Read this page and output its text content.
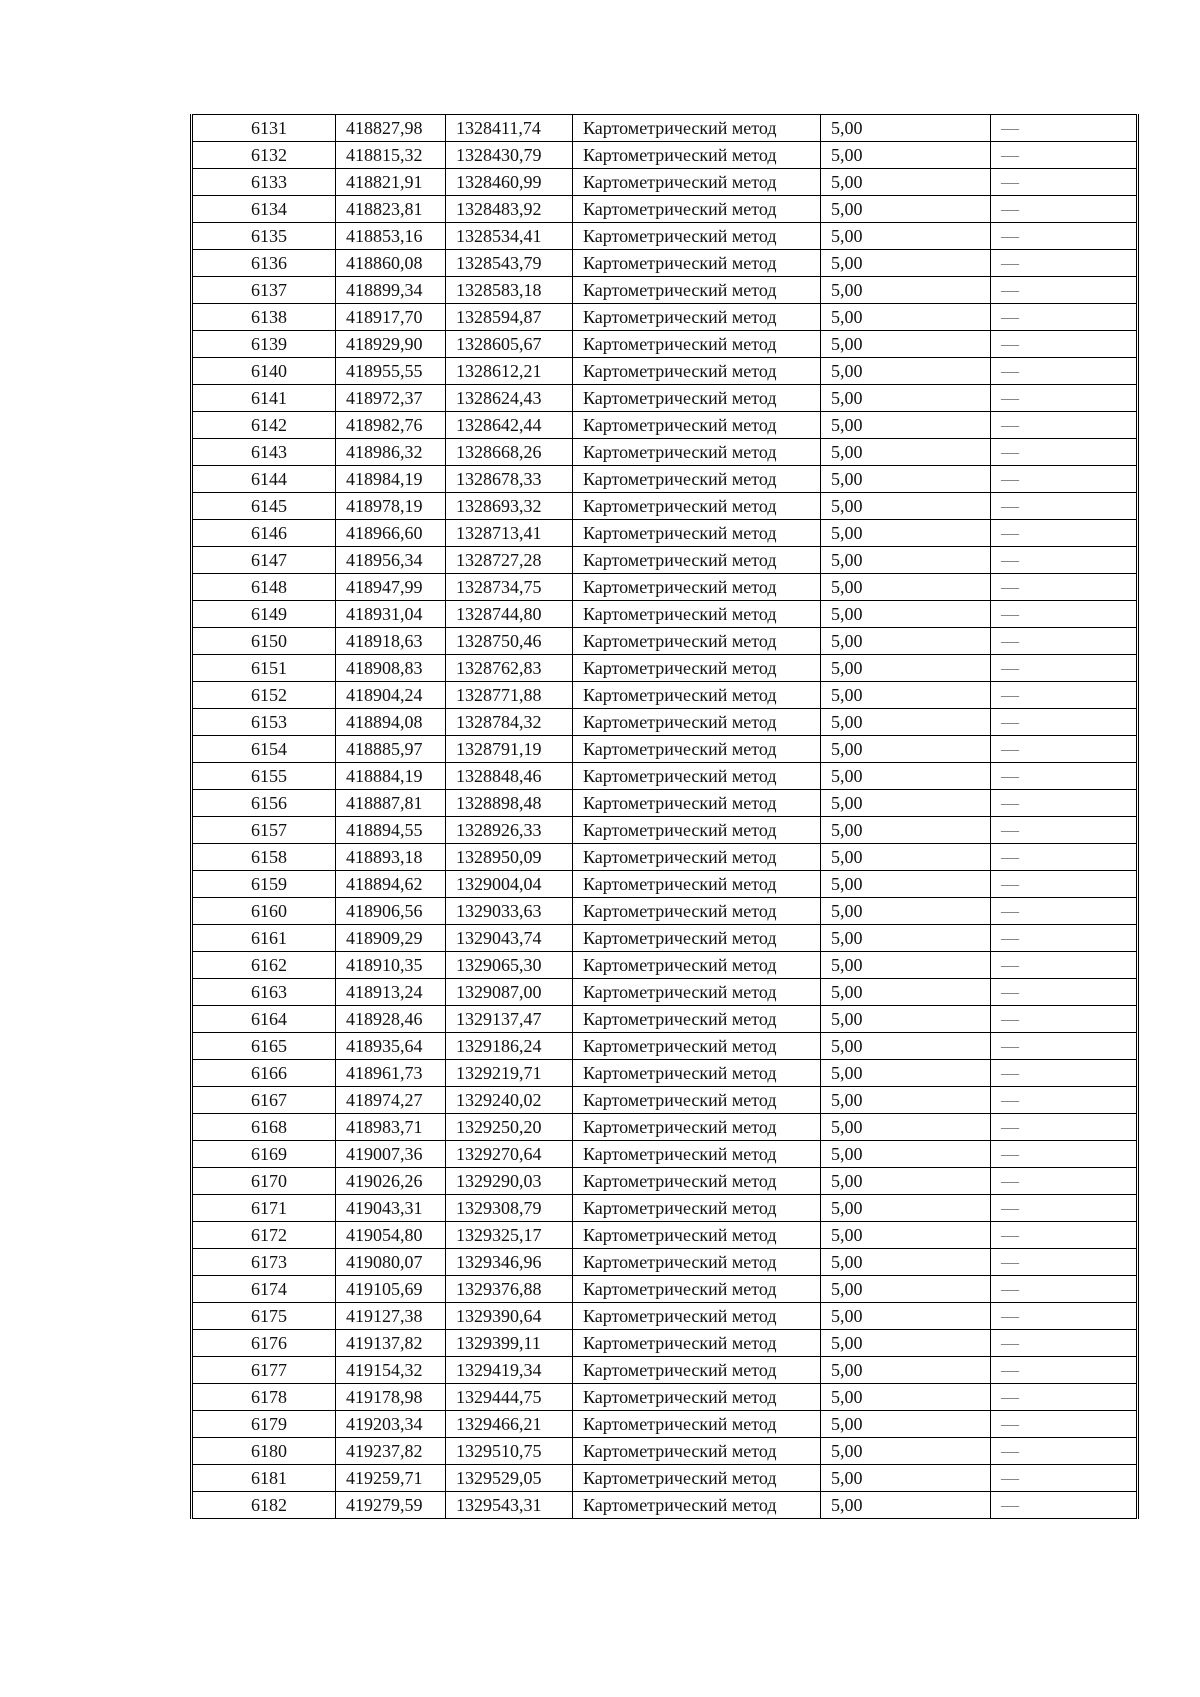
6131	418827,98	1328411,74	Картометрический метод	5,00	—
6132	418815,32	1328430,79	Картометрический метод	5,00	—
6133	418821,91	1328460,99	Картометрический метод	5,00	—
6134	418823,81	1328483,92	Картометрический метод	5,00	—
6135	418853,16	1328534,41	Картометрический метод	5,00	—
6136	418860,08	1328543,79	Картометрический метод	5,00	—
6137	418899,34	1328583,18	Картометрический метод	5,00	—
6138	418917,70	1328594,87	Картометрический метод	5,00	—
6139	418929,90	1328605,67	Картометрический метод	5,00	—
6140	418955,55	1328612,21	Картометрический метод	5,00	—
6141	418972,37	1328624,43	Картометрический метод	5,00	—
6142	418982,76	1328642,44	Картометрический метод	5,00	—
6143	418986,32	1328668,26	Картометрический метод	5,00	—
6144	418984,19	1328678,33	Картометрический метод	5,00	—
6145	418978,19	1328693,32	Картометрический метод	5,00	—
6146	418966,60	1328713,41	Картометрический метод	5,00	—
6147	418956,34	1328727,28	Картометрический метод	5,00	—
6148	418947,99	1328734,75	Картометрический метод	5,00	—
6149	418931,04	1328744,80	Картометрический метод	5,00	—
6150	418918,63	1328750,46	Картометрический метод	5,00	—
6151	418908,83	1328762,83	Картометрический метод	5,00	—
6152	418904,24	1328771,88	Картометрический метод	5,00	—
6153	418894,08	1328784,32	Картометрический метод	5,00	—
6154	418885,97	1328791,19	Картометрический метод	5,00	—
6155	418884,19	1328848,46	Картометрический метод	5,00	—
6156	418887,81	1328898,48	Картометрический метод	5,00	—
6157	418894,55	1328926,33	Картометрический метод	5,00	—
6158	418893,18	1328950,09	Картометрический метод	5,00	—
6159	418894,62	1329004,04	Картометрический метод	5,00	—
6160	418906,56	1329033,63	Картометрический метод	5,00	—
6161	418909,29	1329043,74	Картометрический метод	5,00	—
6162	418910,35	1329065,30	Картометрический метод	5,00	—
6163	418913,24	1329087,00	Картометрический метод	5,00	—
6164	418928,46	1329137,47	Картометрический метод	5,00	—
6165	418935,64	1329186,24	Картометрический метод	5,00	—
6166	418961,73	1329219,71	Картометрический метод	5,00	—
6167	418974,27	1329240,02	Картометрический метод	5,00	—
6168	418983,71	1329250,20	Картометрический метод	5,00	—
6169	419007,36	1329270,64	Картометрический метод	5,00	—
6170	419026,26	1329290,03	Картометрический метод	5,00	—
6171	419043,31	1329308,79	Картометрический метод	5,00	—
6172	419054,80	1329325,17	Картометрический метод	5,00	—
6173	419080,07	1329346,96	Картометрический метод	5,00	—
6174	419105,69	1329376,88	Картометрический метод	5,00	—
6175	419127,38	1329390,64	Картометрический метод	5,00	—
6176	419137,82	1329399,11	Картометрический метод	5,00	—
6177	419154,32	1329419,34	Картометрический метод	5,00	—
6178	419178,98	1329444,75	Картометрический метод	5,00	—
6179	419203,34	1329466,21	Картометрический метод	5,00	—
6180	419237,82	1329510,75	Картометрический метод	5,00	—
6181	419259,71	1329529,05	Картометрический метод	5,00	—
6182	419279,59	1329543,31	Картометрический метод	5,00	—
